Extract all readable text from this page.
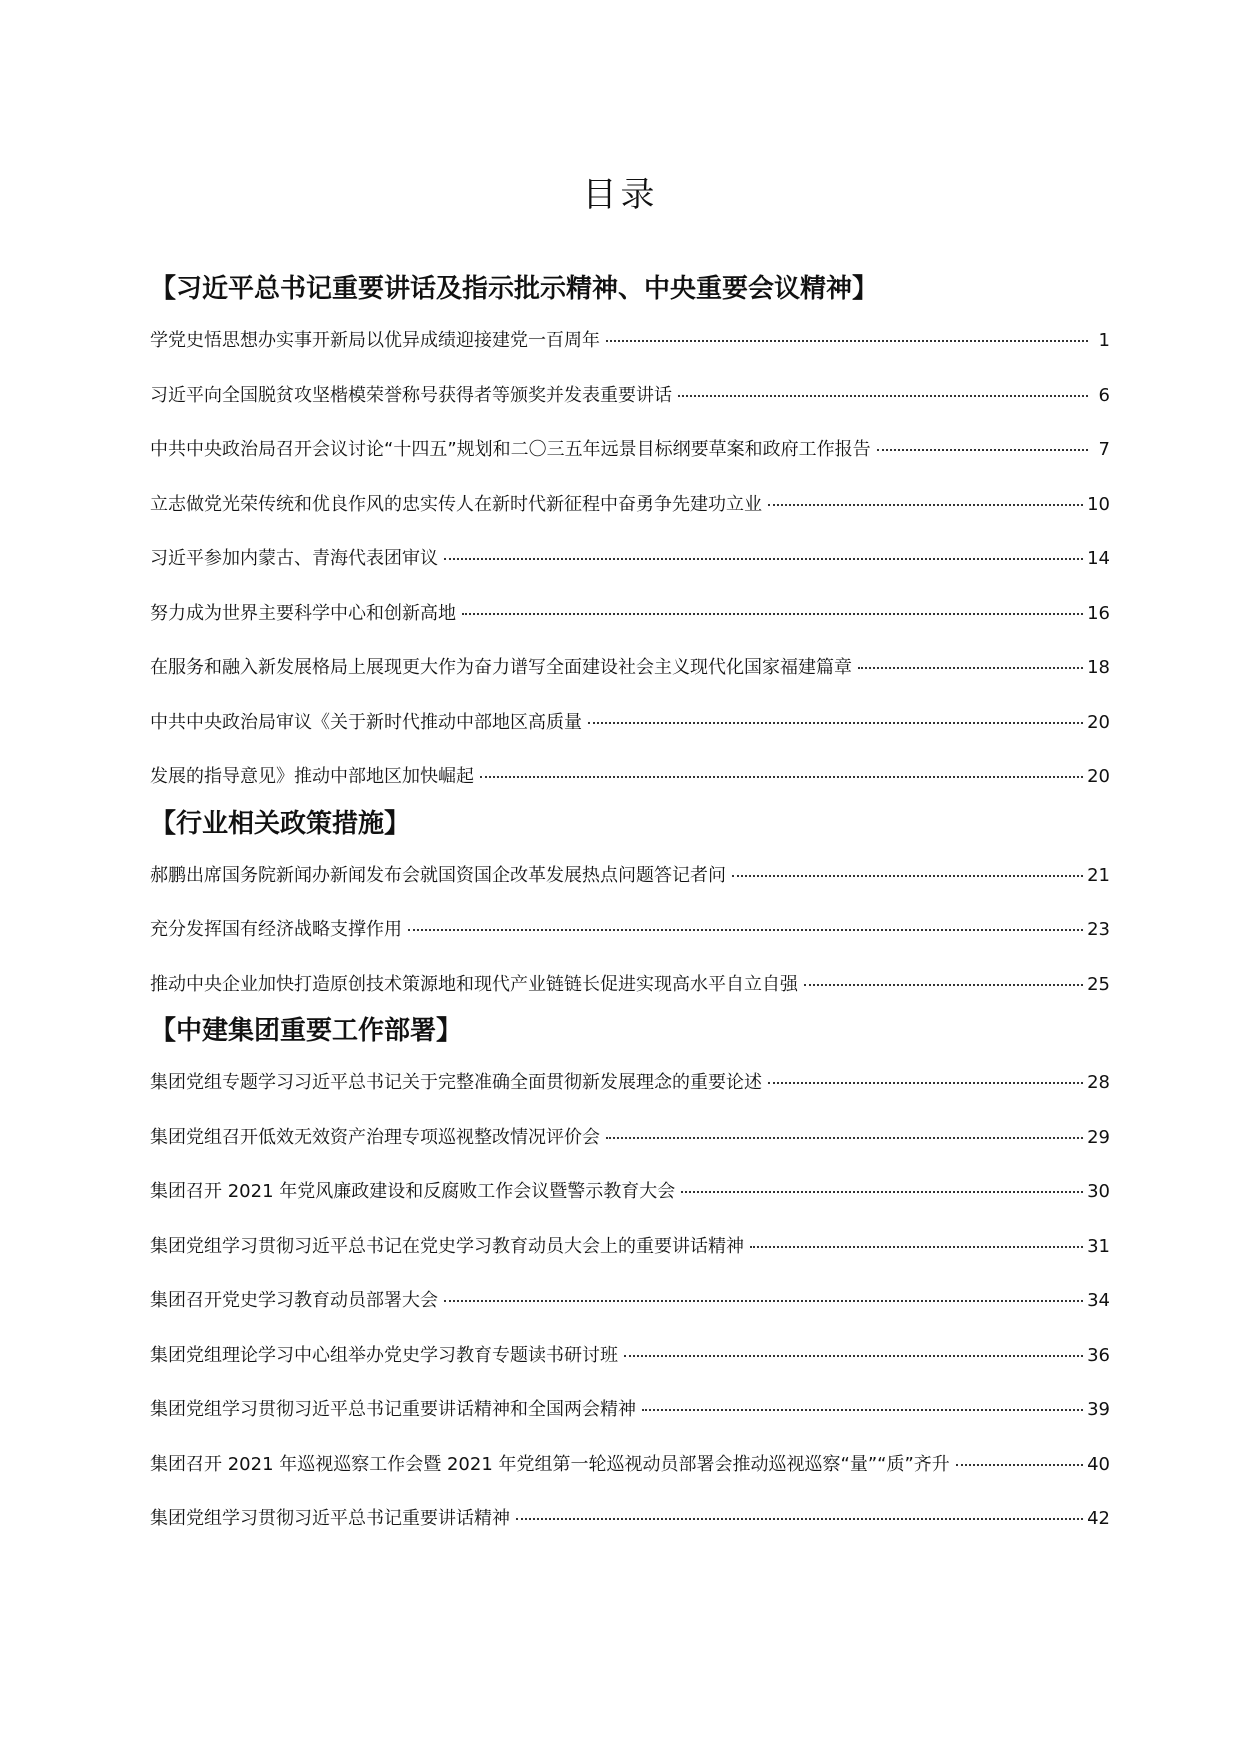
目录
【习近平总书记重要讲话及指示批示精神、中央重要会议精神】
学党史悟思想办实事开新局以优异成绩迎接建党一百周年	1
习近平向全国脱贫攻坚楷模荣誉称号获得者等颁奖并发表重要讲话	6
中共中央政治局召开会议讨论“十四五”规划和二〇三五年远景目标纲要草案和政府工作报告	7
立志做党光荣传统和优良作风的忠实传人在新时代新征程中奋勇争先建功立业	10
习近平参加内蒙古、青海代表团审议	14
努力成为世界主要科学中心和创新高地	16
在服务和融入新发展格局上展现更大作为奋力谱写全面建设社会主义现代化国家福建篇章	18
中共中央政治局审议《关于新时代推动中部地区高质量	20
发展的指导意见》推动中部地区加快崛起	20
【行业相关政策措施】
郝鹏出席国务院新闻办新闻发布会就国资国企改革发展热点问题答记者问	21
充分发挥国有经济战略支撑作用	23
推动中央企业加快打造原创技术策源地和现代产业链链长促进实现高水平自立自强	25
【中建集团重要工作部署】
集团党组专题学习习近平总书记关于完整准确全面贯彻新发展理念的重要论述	28
集团党组召开低效无效资产治理专项巡视整改情况评价会	29
集团召开 2021 年党风廉政建设和反腐败工作会议暨警示教育大会	30
集团党组学习贯彻习近平总书记在党史学习教育动员大会上的重要讲话精神	31
集团召开党史学习教育动员部署大会	34
集团党组理论学习中心组举办党史学习教育专题读书研讨班	36
集团党组学习贯彻习近平总书记重要讲话精神和全国两会精神	39
集团召开 2021 年巡视巡察工作会暨 2021 年党组第一轮巡视动员部署会推动巡视巡察“量”“质”齐升	40
集团党组学习贯彻习近平总书记重要讲话精神	42
